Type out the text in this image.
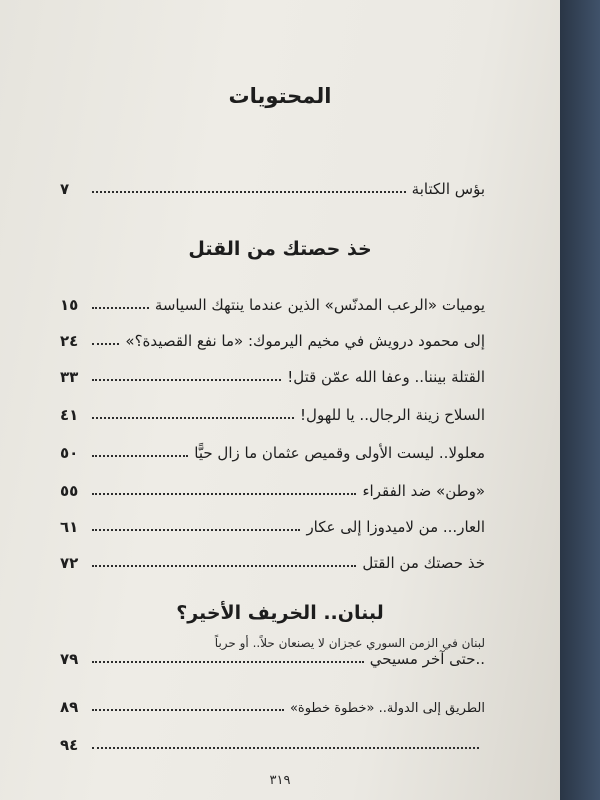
المحتويات
بؤس الكتابة
٧
خذ حصتك من القتل
يوميات «الرعب المدنّس» الذين عندما ينتهك السياسة
١٥
إلى محمود درويش في مخيم اليرموك: «ما نفع القصيدة؟»
٢٤
القتلة بيننا.. وعفا الله عمّن قتل!
٣٣
السلاح زينة الرجال.. يا للهول!
٤١
معلولا.. ليست الأولى وقميص عثمان ما زال حيًّا
٥٠
«وطن» ضد الفقراء
٥٥
العار... من لاميدوزا إلى عكار
٦١
خذ حصتك من القتل
٧٢
لبنان.. الخريف الأخير؟
لبنان في الزمن السوري عجزان لا يصنعان حلاً.. أو حرباً
..حتى آخر مسيحي
٧٩
الطريق إلى الدولة.. «خطوة خطوة»
٨٩
٩٤
٣١٩
